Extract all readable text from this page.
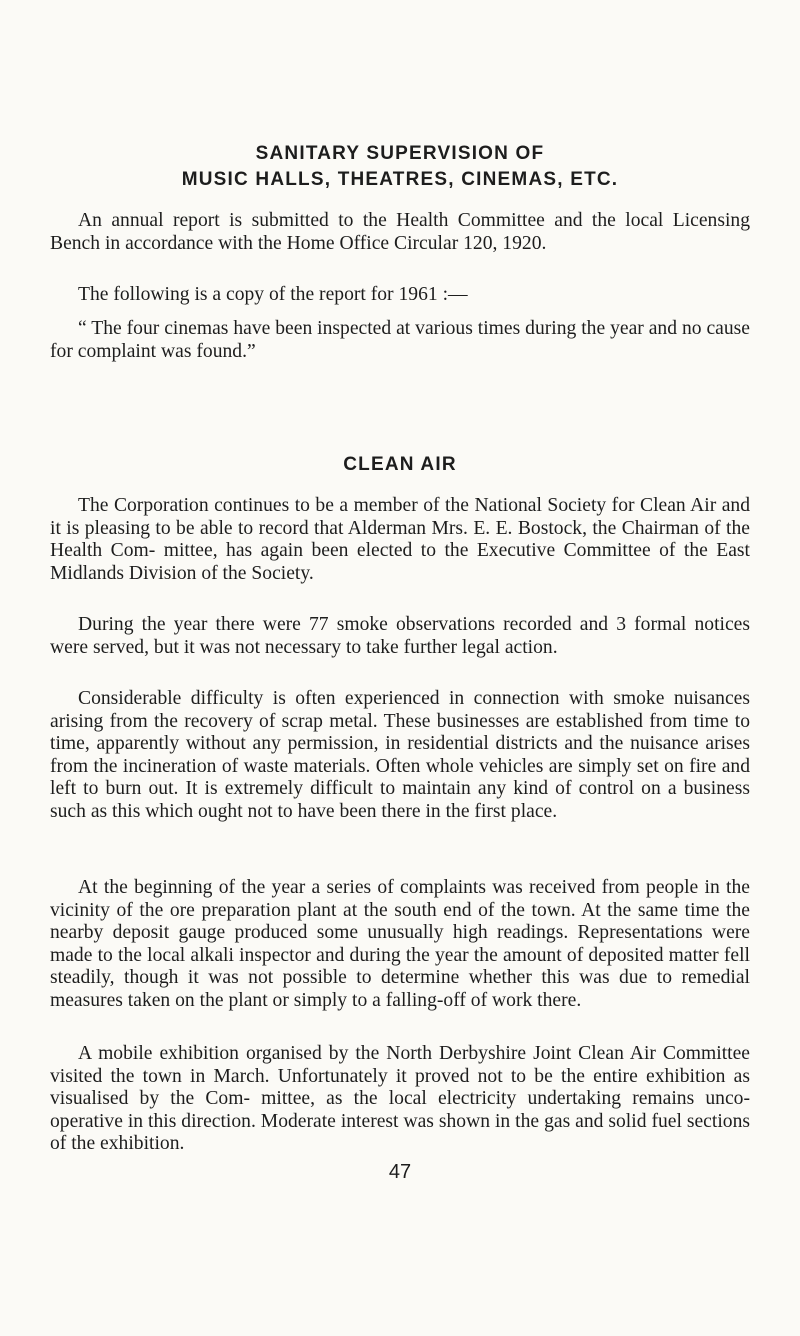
SANITARY SUPERVISION OF
MUSIC HALLS, THEATRES, CINEMAS, ETC.

An annual report is submitted to the Health Committee and the local Licensing Bench in accordance with the Home Office Circular 120, 1920.

The following is a copy of the report for 1961 :—

“ The four cinemas have been inspected at various times during the year and no cause for complaint was found.”

CLEAN AIR

The Corporation continues to be a member of the National Society for Clean Air and it is pleasing to be able to record that Alderman Mrs. E. E. Bostock, the Chairman of the Health Com- mittee, has again been elected to the Executive Committee of the East Midlands Division of the Society.

During the year there were 77 smoke observations recorded and 3 formal notices were served, but it was not necessary to take further legal action.

Considerable difficulty is often experienced in connection with smoke nuisances arising from the recovery of scrap metal. These businesses are established from time to time, apparently without any permission, in residential districts and the nuisance arises from the incineration of waste materials. Often whole vehicles are simply set on fire and left to burn out. It is extremely difficult to maintain any kind of control on a business such as this which ought not to have been there in the first place.

At the beginning of the year a series of complaints was received from people in the vicinity of the ore preparation plant at the south end of the town. At the same time the nearby deposit gauge produced some unusually high readings. Representations were made to the local alkali inspector and during the year the amount of deposited matter fell steadily, though it was not possible to determine whether this was due to remedial measures taken on the plant or simply to a falling-off of work there.

A mobile exhibition organised by the North Derbyshire Joint Clean Air Committee visited the town in March. Unfortunately it proved not to be the entire exhibition as visualised by the Com- mittee, as the local electricity undertaking remains unco-operative in this direction. Moderate interest was shown in the gas and solid fuel sections of the exhibition.

47
